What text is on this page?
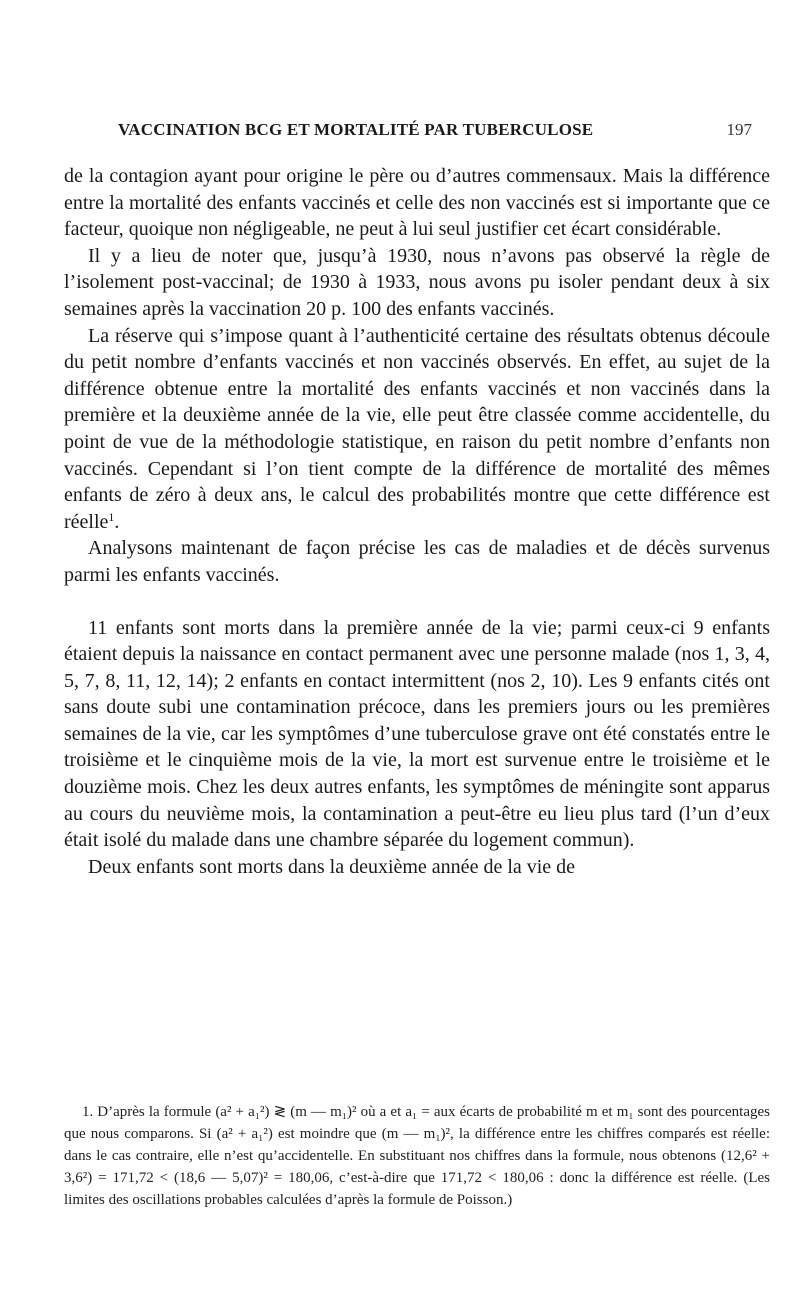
VACCINATION BCG ET MORTALITÉ PAR TUBERCULOSE	197

de la contagion ayant pour origine le père ou d’autres commensaux. Mais la différence entre la mortalité des enfants vaccinés et celle des non vaccinés est si importante que ce facteur, quoique non négligeable, ne peut à lui seul justifier cet écart considérable.

Il y a lieu de noter que, jusqu’à 1930, nous n’avons pas observé la règle de l’isolement post-vaccinal; de 1930 à 1933, nous avons pu isoler pendant deux à six semaines après la vaccination 20 p. 100 des enfants vaccinés.

La réserve qui s’impose quant à l’authenticité certaine des résultats obtenus découle du petit nombre d’enfants vaccinés et non vaccinés observés. En effet, au sujet de la différence obtenue entre la mortalité des enfants vaccinés et non vaccinés dans la première et la deuxième année de la vie, elle peut être classée comme accidentelle, du point de vue de la méthodologie statistique, en raison du petit nombre d’enfants non vaccinés. Cependant si l’on tient compte de la différence de mortalité des mêmes enfants de zéro à deux ans, le calcul des probabilités montre que cette différence est réelle$^1$.

Analysons maintenant de façon précise les cas de maladies et de décès survenus parmi les enfants vaccinés.

11 enfants sont morts dans la première année de la vie; parmi ceux-ci 9 enfants étaient depuis la naissance en contact permanent avec une personne malade (nos 1, 3, 4, 5, 7, 8, 11, 12, 14); 2 enfants en contact intermittent (nos 2, 10). Les 9 enfants cités ont sans doute subi une contamination précoce, dans les premiers jours ou les premières semaines de la vie, car les symptômes d’une tuberculose grave ont été constatés entre le troisième et le cinquième mois de la vie, la mort est survenue entre le troisième et le douzième mois. Chez les deux autres enfants, les symptômes de méningite sont apparus au cours du neuvième mois, la contamination a peut-être eu lieu plus tard (l’un d’eux était isolé du malade dans une chambre séparée du logement commun).

Deux enfants sont morts dans la deuxième année de la vie de

1. D’après la formule (a² + a₁²) ≷ (m — m₁)² où a et a₁ = aux écarts de probabilité m et m₁ sont des pourcentages que nous comparons. Si (a² + a₁²) est moindre que (m — m₁)², la différence entre les chiffres comparés est réelle: dans le cas contraire, elle n’est qu’accidentelle. En substituant nos chiffres dans la formule, nous obtenons (12,6² + 3,6²) = 171,72 < (18,6 — 5,07)² = 180,06, c’est-à-dire que 171,72 < 180,06 : donc la différence est réelle. (Les limites des oscillations probables calculées d’après la formule de Poisson.)
